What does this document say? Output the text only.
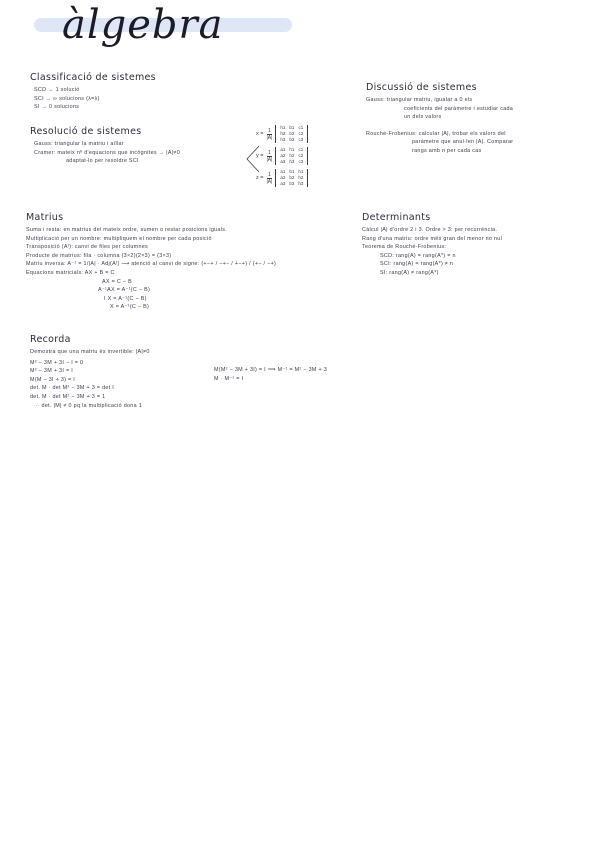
àlgebra
Classificació de sistemes
SCD → 1 solució
SCI → ∞ solucions (λ=λ)
SI → 0 solucions
Resolució de sistemes
Gauss: triangular la matriu i aïllar
Cramer: mateix nº d'equacions que incògnites → |A|≠0
adaptat-lo per resoldre SCI
$x = \frac{1}{|A|}$	h1 b1 c1
h2 b2 c2
h3 b3 c3
$y = \frac{1}{|A|}$	a1 h1 c1
a2 h2 c2
a3 h3 c3
$z = \frac{1}{|A|}$	a1 b1 h1
a2 b2 h2
a3 b3 h3
Discussió de sistemes
Gauss: triangular matriu, igualar a 0 els
coeficients del paràmetre i estudiar cada
un dels valors
Rouché-Frobenius: calcular |A|, trobar els valors del
paràmetre que anul·len |A|. Comparar
rangs amb n per cada cas
Matrius
Suma i resta: en matrius del mateix ordre, sumen o restar posicions iguals.
Multiplicació per un nombre: multipliquem el nombre per cada posició
Transposició (Aᵗ): canvi de files per columnes
Producte de matrius: fila · columna (3×2)(2×3) = (3×3)
Matriu inversa: A⁻¹ = 1/|A| · Adj(Aᵗ) ⟶ atenció al canvi de signe: (+−+ / −+− / +−+) / (+− / −+)
Equacions matricials: AX + B = C
AX = C − B
A⁻¹AX = A⁻¹(C − B)
I X = A⁻¹(C − B)
X = A⁻¹(C − B)
Determinants
Càlcul |A| d'ordre 2 i 3. Ordre > 3: per recurrència.
Rang d'una matriu: ordre més gran del menor no nul
Teorema de Rouché-Frobenius:
SCD: rang(A) = rang(A*) = n
SCI: rang(A) = rang(A*) ≠ n
SI: rang(A) ≠ rang(A*)
Recorda
Demostra que una matriu és invertible: |A|≠0
M² − 3M + 3I − I = 0
M² − 3M + 3I = I
M(M − 3I + 3) = I
det. M · det M² − 3M + 3 = det I
det. M · det M² − 3M + 3 = 1
∴ det. |M| ≠ 0 pq la multiplicació dona 1
M(M² − 3M + 3I) = I ⟹ M⁻¹ = M² − 3M + 3
M · M⁻¹ = I
